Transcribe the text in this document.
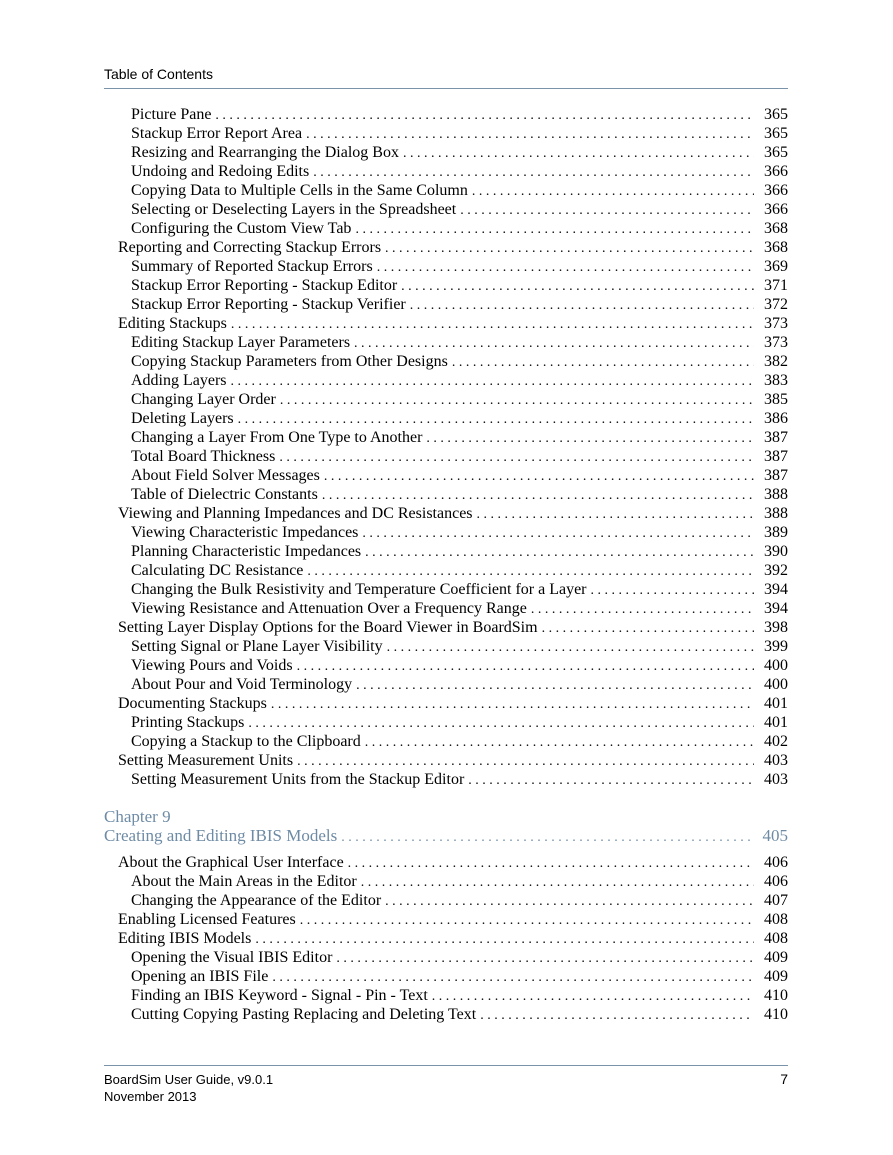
Table of Contents
Picture Pane . . .	365
Stackup Error Report Area . . .	365
Resizing and Rearranging the Dialog Box . . .	365
Undoing and Redoing Edits . . .	366
Copying Data to Multiple Cells in the Same Column . . .	366
Selecting or Deselecting Layers in the Spreadsheet . . .	366
Configuring the Custom View Tab . . .	368
Reporting and Correcting Stackup Errors . . .	368
Summary of Reported Stackup Errors . . .	369
Stackup Error Reporting - Stackup Editor . . .	371
Stackup Error Reporting - Stackup Verifier . . .	372
Editing Stackups . . .	373
Editing Stackup Layer Parameters . . .	373
Copying Stackup Parameters from Other Designs . . .	382
Adding Layers . . .	383
Changing Layer Order . . .	385
Deleting Layers . . .	386
Changing a Layer From One Type to Another . . .	387
Total Board Thickness . . .	387
About Field Solver Messages . . .	387
Table of Dielectric Constants . . .	388
Viewing and Planning Impedances and DC Resistances . . .	388
Viewing Characteristic Impedances . . .	389
Planning Characteristic Impedances . . .	390
Calculating DC Resistance . . .	392
Changing the Bulk Resistivity and Temperature Coefficient for a Layer . . .	394
Viewing Resistance and Attenuation Over a Frequency Range . . .	394
Setting Layer Display Options for the Board Viewer in BoardSim . . .	398
Setting Signal or Plane Layer Visibility . . .	399
Viewing Pours and Voids . . .	400
About Pour and Void Terminology . . .	400
Documenting Stackups . . .	401
Printing Stackups . . .	401
Copying a Stackup to the Clipboard . . .	402
Setting Measurement Units . . .	403
Setting Measurement Units from the Stackup Editor . . .	403
Chapter 9
Creating and Editing IBIS Models . . .	405
About the Graphical User Interface . . .	406
About the Main Areas in the Editor . . .	406
Changing the Appearance of the Editor . . .	407
Enabling Licensed Features . . .	408
Editing IBIS Models . . .	408
Opening the Visual IBIS Editor . . .	409
Opening an IBIS File . . .	409
Finding an IBIS Keyword - Signal - Pin - Text . . .	410
Cutting Copying Pasting Replacing and Deleting Text . . .	410
BoardSim User Guide, v9.0.1
November 2013
7
